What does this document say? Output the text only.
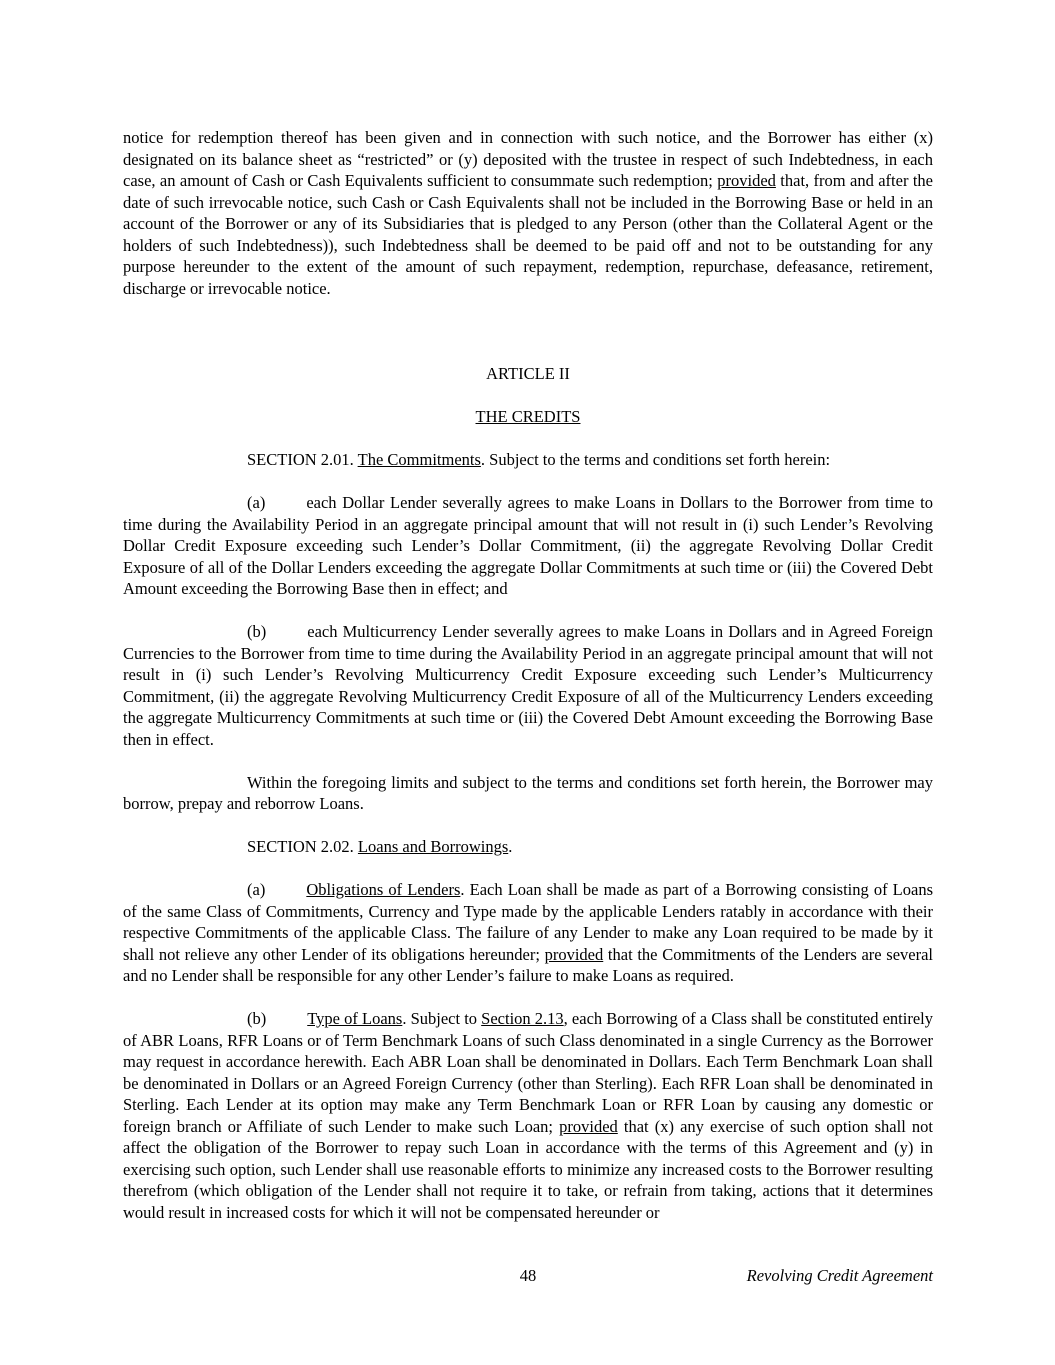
notice for redemption thereof has been given and in connection with such notice, and the Borrower has either (x) designated on its balance sheet as “restricted” or (y) deposited with the trustee in respect of such Indebtedness, in each case, an amount of Cash or Cash Equivalents sufficient to consummate such redemption; provided that, from and after the date of such irrevocable notice, such Cash or Cash Equivalents shall not be included in the Borrowing Base or held in an account of the Borrower or any of its Subsidiaries that is pledged to any Person (other than the Collateral Agent or the holders of such Indebtedness)), such Indebtedness shall be deemed to be paid off and not to be outstanding for any purpose hereunder to the extent of the amount of such repayment, redemption, repurchase, defeasance, retirement, discharge or irrevocable notice.

ARTICLE II

THE CREDITS

SECTION 2.01. The Commitments. Subject to the terms and conditions set forth herein:

(a) each Dollar Lender severally agrees to make Loans in Dollars to the Borrower from time to time during the Availability Period in an aggregate principal amount that will not result in (i) such Lender’s Revolving Dollar Credit Exposure exceeding such Lender’s Dollar Commitment, (ii) the aggregate Revolving Dollar Credit Exposure of all of the Dollar Lenders exceeding the aggregate Dollar Commitments at such time or (iii) the Covered Debt Amount exceeding the Borrowing Base then in effect; and

(b) each Multicurrency Lender severally agrees to make Loans in Dollars and in Agreed Foreign Currencies to the Borrower from time to time during the Availability Period in an aggregate principal amount that will not result in (i) such Lender’s Revolving Multicurrency Credit Exposure exceeding such Lender’s Multicurrency Commitment, (ii) the aggregate Revolving Multicurrency Credit Exposure of all of the Multicurrency Lenders exceeding the aggregate Multicurrency Commitments at such time or (iii) the Covered Debt Amount exceeding the Borrowing Base then in effect.

Within the foregoing limits and subject to the terms and conditions set forth herein, the Borrower may borrow, prepay and reborrow Loans.

SECTION 2.02. Loans and Borrowings.

(a) Obligations of Lenders. Each Loan shall be made as part of a Borrowing consisting of Loans of the same Class of Commitments, Currency and Type made by the applicable Lenders ratably in accordance with their respective Commitments of the applicable Class. The failure of any Lender to make any Loan required to be made by it shall not relieve any other Lender of its obligations hereunder; provided that the Commitments of the Lenders are several and no Lender shall be responsible for any other Lender’s failure to make Loans as required.

(b) Type of Loans. Subject to Section 2.13, each Borrowing of a Class shall be constituted entirely of ABR Loans, RFR Loans or of Term Benchmark Loans of such Class denominated in a single Currency as the Borrower may request in accordance herewith. Each ABR Loan shall be denominated in Dollars. Each Term Benchmark Loan shall be denominated in Dollars or an Agreed Foreign Currency (other than Sterling). Each RFR Loan shall be denominated in Sterling. Each Lender at its option may make any Term Benchmark Loan or RFR Loan by causing any domestic or foreign branch or Affiliate of such Lender to make such Loan; provided that (x) any exercise of such option shall not affect the obligation of the Borrower to repay such Loan in accordance with the terms of this Agreement and (y) in exercising such option, such Lender shall use reasonable efforts to minimize any increased costs to the Borrower resulting therefrom (which obligation of the Lender shall not require it to take, or refrain from taking, actions that it determines would result in increased costs for which it will not be compensated hereunder or

48	Revolving Credit Agreement
